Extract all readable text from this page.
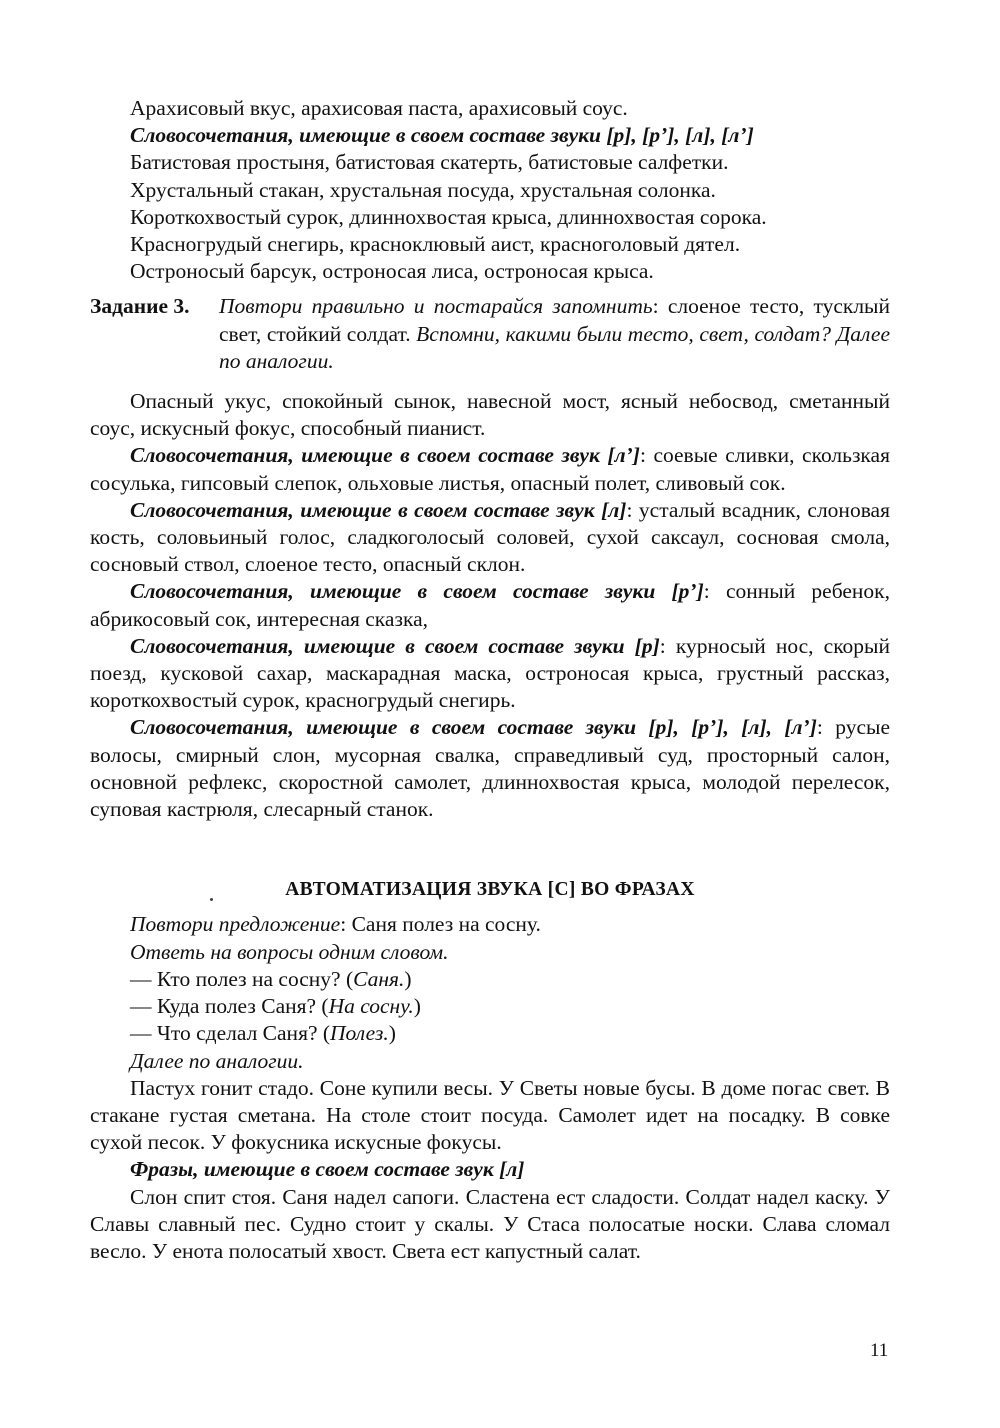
Арахисовый вкус, арахисовая паста, арахисовый соус.

Словосочетания, имеющие в своем составе звуки [р], [р’], [л], [л’]

Батистовая простыня, батистовая скатерть, батистовые салфетки.

Хрустальный стакан, хрустальная посуда, хрустальная солонка.

Короткохвостый сурок, длиннохвостая крыса, длиннохвостая сорока.

Красногрудый снегирь, красноклювый аист, красноголовый дятел.

Остроносый барсук, остроносая лиса, остроносая крыса.

Задание 3.	Повтори правильно и постарайся запомнить: слоеное тесто, тусклый свет, стойкий солдат. Вспомни, какими были тесто, свет, солдат? Далее по аналогии.

Опасный укус, спокойный сынок, навесной мост, ясный небосвод, сметанный соус, искусный фокус, способный пианист.

Словосочетания, имеющие в своем составе звук [л’]: соевые сливки, скользкая сосулька, гипсовый слепок, ольховые листья, опасный полет, сливовый сок.

Словосочетания, имеющие в своем составе звук [л]: усталый всадник, слоновая кость, соловьиный голос, сладкоголосый соловей, сухой саксаул, сосновая смола, сосновый ствол, слоеное тесто, опасный склон.

Словосочетания, имеющие в своем составе звуки [р’]: сонный ребенок, абрикосовый сок, интересная сказка,

Словосочетания, имеющие в своем составе звуки [р]: курносый нос, скорый поезд, кусковой сахар, маскарадная маска, остроносая крыса, грустный рассказ, короткохвостый сурок, красногрудый снегирь.

Словосочетания, имеющие в своем составе звуки [р], [р’], [л], [л’]: русые волосы, смирный слон, мусорная свалка, справедливый суд, просторный салон, основной рефлекс, скоростной самолет, длиннохвостая крыса, молодой перелесок, суповая кастрюля, слесарный станок.

АВТОМАТИЗАЦИЯ ЗВУКА [С] ВО ФРАЗАХ

Повтори предложение: Саня полез на сосну.

Ответь на вопросы одним словом.

— Кто полез на сосну? (Саня.)

— Куда полез Саня? (На сосну.)

— Что сделал Саня? (Полез.)

Далее по аналогии.

Пастух гонит стадо. Соне купили весы. У Светы новые бусы. В доме погас свет. В стакане густая сметана. На столе стоит посуда. Самолет идет на посадку. В совке сухой песок. У фокусника искусные фокусы.

Фразы, имеющие в своем составе звук [л]

Слон спит стоя. Саня надел сапоги. Сластена ест сладости. Солдат надел каску. У Славы славный пес. Судно стоит у скалы. У Стаса полосатые носки. Слава сломал весло. У енота полосатый хвост. Света ест капустный салат.

11
